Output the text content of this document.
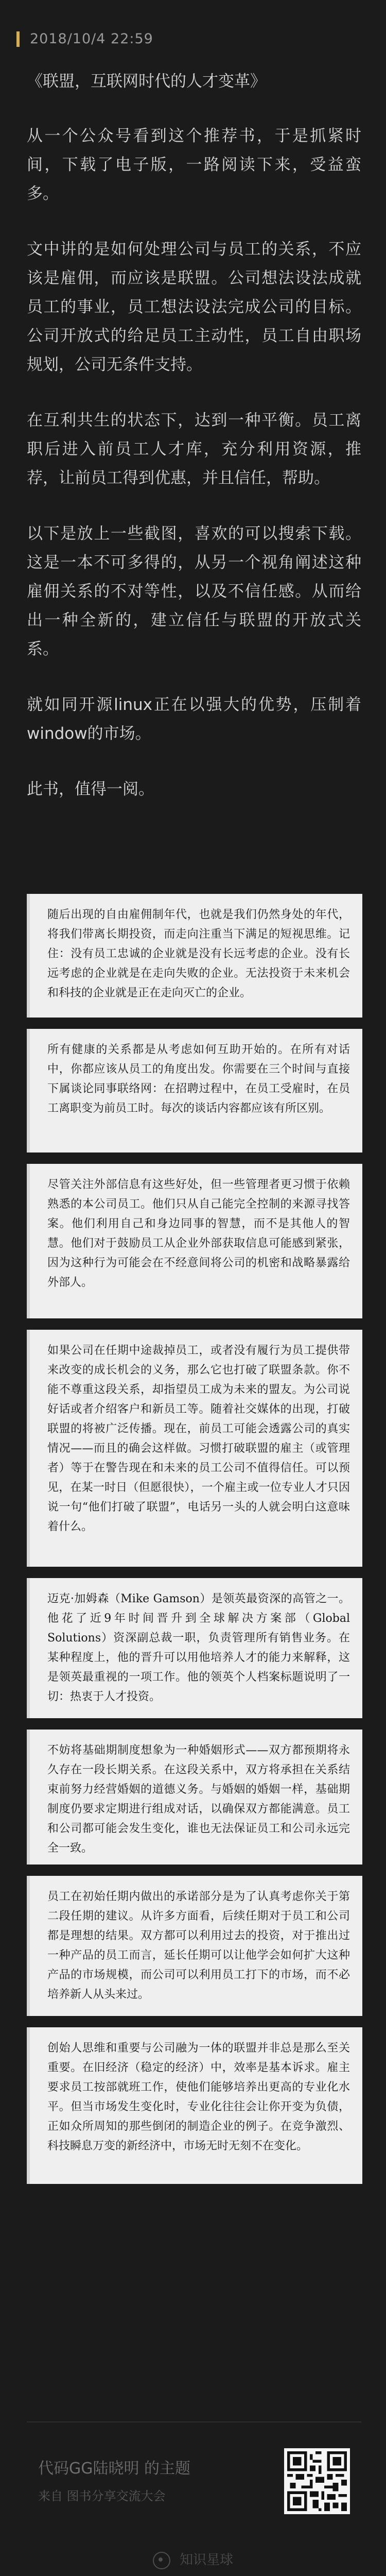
2018/10/4 22:59

《联盟，互联网时代的人才变革》

从一个公众号看到这个推荐书，于是抓紧时间，下载了电子版，一路阅读下来，受益蛮多。

文中讲的是如何处理公司与员工的关系，不应该是雇佣，而应该是联盟。公司想法设法成就员工的事业，员工想法设法完成公司的目标。公司开放式的给足员工主动性，员工自由职场规划，公司无条件支持。

在互利共生的状态下，达到一种平衡。员工离职后进入前员工人才库，充分利用资源，推荐，让前员工得到优惠，并且信任，帮助。

以下是放上一些截图，喜欢的可以搜索下载。这是一本不可多得的，从另一个视角阐述这种雇佣关系的不对等性，以及不信任感。从而给出一种全新的，建立信任与联盟的开放式关系。

就如同开源linux正在以强大的优势，压制着window的市场。

此书，值得一阅。

随后出现的自由雇佣制年代，也就是我们仍然身处的年代，将我们带离长期投资，而走向注重当下满足的短视思维。记住：没有员工忠诚的企业就是没有长远考虑的企业。没有长远考虑的企业就是在走向失败的企业。无法投资于未来机会和科技的企业就是正在走向灭亡的企业。
所有健康的关系都是从考虑如何互助开始的。在所有对话中，你都应该从员工的角度出发。你需要在三个时间与直接下属谈论同事联络网：在招聘过程中，在员工受雇时，在员工离职变为前员工时。每次的谈话内容都应该有所区别。
尽管关注外部信息有这些好处，但一些管理者更习惯于依赖熟悉的本公司员工。他们只从自己能完全控制的来源寻找答案。他们利用自己和身边同事的智慧，而不是其他人的智慧。他们对于鼓励员工从企业外部获取信息可能感到紧张，因为这种行为可能会在不经意间将公司的机密和战略暴露给外部人。
如果公司在任期中途裁掉员工，或者没有履行为员工提供带来改变的成长机会的义务，那么它也打破了联盟条款。你不能不尊重这段关系，却指望员工成为未来的盟友。为公司说好话或者介绍客户和新员工等。随着社交媒体的出现，打破联盟的将被广泛传播。现在，前员工可能会透露公司的真实情况——而且的确会这样做。习惯打破联盟的雇主（或管理者）等于在警告现在和未来的员工公司不值得信任。可以预见，在某一时日（但愿很快），一个雇主或一位专业人才只因说一句“他们打破了联盟”，电话另一头的人就会明白这意味着什么。
迈克·加姆森（Mike Gamson）是领英最资深的高管之一。他花了近9年时间晋升到全球解决方案部（Global Solutions）资深副总裁一职，负责管理所有销售业务。在某种程度上，他的晋升可以用他培养人才的能力来解释，这是领英最重视的一项工作。他的领英个人档案标题说明了一切：热衷于人才投资。
不妨将基础期制度想象为一种婚姻形式——双方都预期将永久存在一段长期关系。在这段关系中，双方将承担在关系结束前努力经营婚姻的道德义务。与婚姻的婚姻一样，基础期制度仍要求定期进行组成对话，以确保双方都能满意。员工和公司都可能会发生变化，谁也无法保证员工和公司永远完全一致。
员工在初始任期内做出的承诺部分是为了认真考虑你关于第二段任期的建议。从许多方面看，后续任期对于员工和公司都是理想的结果。双方都可以利用过去的投资，对于推出过一种产品的员工而言，延长任期可以让他学会如何扩大这种产品的市场规模，而公司可以利用员工打下的市场，而不必培养新人从头来过。
创始人思维和重要与公司融为一体的联盟并非总是那么至关重要。在旧经济（稳定的经济）中，效率是基本诉求。雇主要求员工按部就班工作，使他们能够培养出更高的专业化水平。但当市场发生变化时，专业化往往会让你开变为负债，正如众所周知的那些倒闭的制造企业的例子。在竞争激烈、科技瞬息万变的新经济中，市场无时无刻不在变化。
代码GG陆晓明 的主题
来自 图书分享交流大会
知识星球
